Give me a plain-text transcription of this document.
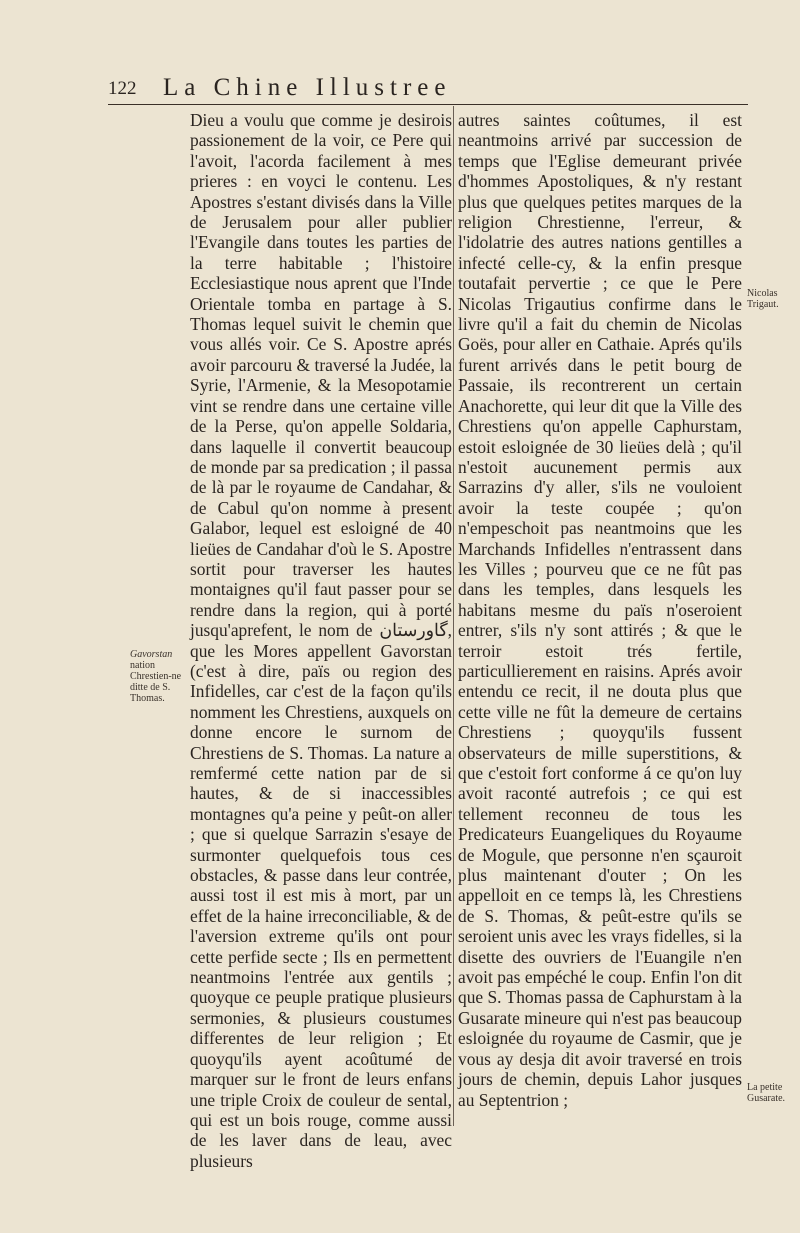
122 La Chine Illustree
Gavorstan
nation Chrestien-ne ditte de S. Thomas.

Dieu a voulu que comme je desirois passionement de la voir, ce Pere qui l'avoit, l'acorda facilement à mes prieres : en voyci le contenu. Les Apostres s'estant divisés dans la Ville de Jerusalem pour aller publier l'Evangile dans toutes les parties de la terre habitable ; l'histoire Ecclesiastique nous aprent que l'Inde Orientale tomba en partage à S. Thomas lequel suivit le chemin que vous allés voir. Ce S. Apostre aprés avoir parcouru & traversé la Judée, la Syrie, l'Armenie, & la Mesopotamie vint se rendre dans une certaine ville de la Perse, qu'on appelle Soldaria, dans laquelle il convertit beaucoup de monde par sa predication ; il passa de là par le royaume de Candahar, & de Cabul qu'on nomme à present Galabor, lequel est esloigné de 40 lieües de Candahar d'où le S. Apostre sortit pour traverser les hautes montaignes qu'il faut passer pour se rendre dans la region, qui à porté jusqu'aprefent, le nom de گاورستان, que les Mores appellent Gavorstan (c'est à dire, païs ou region des Infidelles, car c'est de la façon qu'ils nomment les Chrestiens, auxquels on donne encore le surnom de Chrestiens de S. Thomas. La nature a remfermé cette nation par de si hautes, & de si inaccessibles montagnes qu'a peine y peût-on aller ; que si quelque Sarrazin s'esaye de surmonter quelquefois tous ces obstacles, & passe dans leur contrée, aussi tost il est mis à mort, par un effet de la haine irreconciliable, & de l'aversion extreme qu'ils ont pour cette perfide secte ; Ils en permettent neantmoins l'entrée aux gentils ; quoyque ce peuple pratique plusieurs sermonies, & plusieurs coustumes differentes de leur religion ; Et quoyqu'ils ayent acoûtumé de marquer sur le front de leurs enfans une triple Croix de couleur de sental, qui est un bois rouge, comme aussi de les laver dans de leau, avec plusieurs

autres saintes coûtumes, il est neantmoins arrivé par succession de temps que l'Eglise demeurant privée d'hommes Apostoliques, & n'y restant plus que quelques petites marques de la religion Chrestienne, l'erreur, & l'idolatrie des autres nations gentilles a infecté celle-cy, & la enfin presque toutafait pervertie ; ce que le Pere Nicolas Trigautius confirme dans le livre qu'il a fait du chemin de Nicolas Goës, pour aller en Cathaie. Aprés qu'ils furent arrivés dans le petit bourg de Passaie, ils recontrerent un certain Anachorette, qui leur dit que la Ville des Chrestiens qu'on appelle Caphurstam, estoit esloignée de 30 lieües delà ; qu'il n'estoit aucunement permis aux Sarrazins d'y aller, s'ils ne vouloient avoir la teste coupée ; qu'on n'empeschoit pas neantmoins que les Marchands Infidelles n'entrassent dans les Villes ; pourveu que ce ne fût pas dans les temples, dans lesquels les habitans mesme du païs n'oseroient entrer, s'ils n'y sont attirés ; & que le terroir estoit trés fertile, particullierement en raisins. Aprés avoir entendu ce recit, il ne douta plus que cette ville ne fût la demeure de certains Chrestiens ; quoyqu'ils fussent observateurs de mille superstitions, & que c'estoit fort conforme á ce qu'on luy avoit raconté autrefois ; ce qui est tellement reconneu de tous les Predicateurs Euangeliques du Royaume de Mogule, que personne n'en sçauroit plus maintenant d'outer ; On les appelloit en ce temps là, les Chrestiens de S. Thomas, & peût-estre qu'ils se seroient unis avec les vrays fidelles, si la disette des ouvriers de l'Euangile n'en avoit pas empéché le coup. Enfin l'on dit que S. Thomas passa de Caphurstam à la Gusarate mineure qui n'est pas beaucoup esloignée du royaume de Casmir, que je vous ay desja dit avoir traversé en trois jours de chemin, depuis Lahor jusques au Septentrion ;

Nicolas Trigaut.
La petite Gusarate.
